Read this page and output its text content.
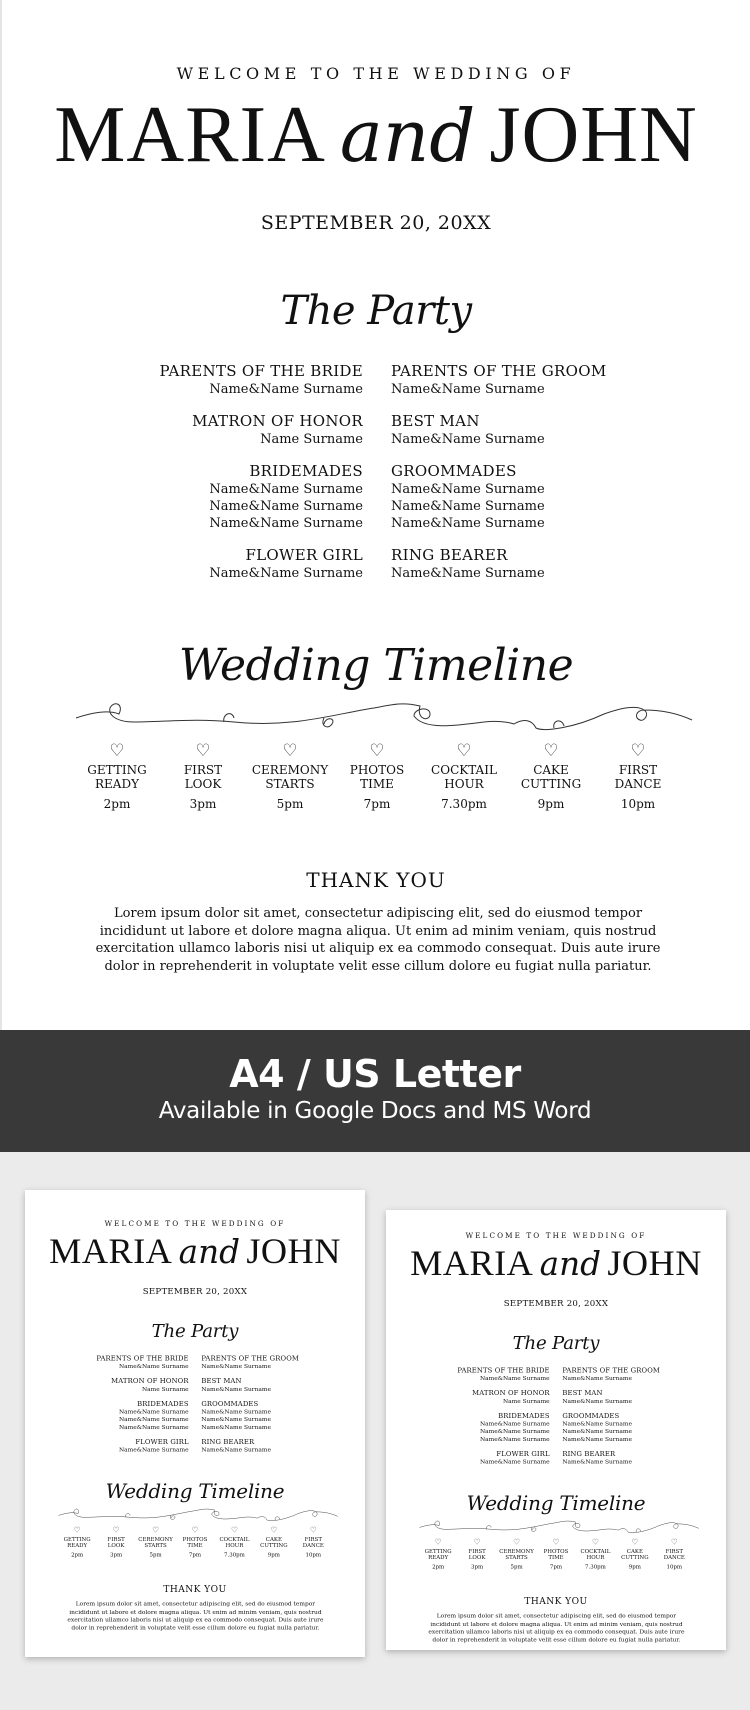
WELCOME TO THE WEDDING OF
MARIA and JOHN
SEPTEMBER 20, 20XX
The Party
PARENTS OF THE BRIDE
Name&Name Surname
PARENTS OF THE GROOM
Name&Name Surname
MATRON OF HONOR
Name Surname
BEST MAN
Name&Name Surname
BRIDEMADES
Name&Name Surname
Name&Name Surname
Name&Name Surname
GROOMMADES
Name&Name Surname
Name&Name Surname
Name&Name Surname
FLOWER GIRL
Name&Name Surname
RING BEARER
Name&Name Surname
Wedding Timeline
♡
GETTING
READY
2pm
♡
FIRST
LOOK
3pm
♡
CEREMONY
STARTS
5pm
♡
PHOTOS
TIME
7pm
♡
COCKTAIL
HOUR
7.30pm
♡
CAKE
CUTTING
9pm
♡
FIRST
DANCE
10pm
THANK YOU
Lorem ipsum dolor sit amet, consectetur adipiscing elit, sed do eiusmod tempor incididunt ut labore et dolore magna aliqua. Ut enim ad minim veniam, quis nostrud exercitation ullamco laboris nisi ut aliquip ex ea commodo consequat. Duis aute irure dolor in reprehenderit in voluptate velit esse cillum dolore eu fugiat nulla pariatur.
A4 / US Letter
Available in Google Docs and MS Word
WELCOME TO THE WEDDING OF
MARIAandJOHN
SEPTEMBER 20, 20XX
The Party
PARENTS OF THE BRIDE
Name&Name Surname
PARENTS OF THE GROOM
Name&Name Surname
MATRON OF HONOR
Name Surname
BEST MAN
Name&Name Surname
BRIDEMADES
Name&Name Surname
Name&Name Surname
Name&Name Surname
GROOMMADES
Name&Name Surname
Name&Name Surname
Name&Name Surname
FLOWER GIRL
Name&Name Surname
RING BEARER
Name&Name Surname
Wedding Timeline
♡
GETTING
READY
2pm
♡
FIRST
LOOK
3pm
♡
CEREMONY
STARTS
5pm
♡
PHOTOS
TIME
7pm
♡
COCKTAIL
HOUR
7.30pm
♡
CAKE
CUTTING
9pm
♡
FIRST
DANCE
10pm
THANK YOU
Lorem ipsum dolor sit amet, consectetur adipiscing elit, sed do eiusmod tempor incididunt ut labore et dolore magna aliqua. Ut enim ad minim veniam, quis nostrud exercitation ullamco laboris nisi ut aliquip ex ea commodo consequat. Duis aute irure dolor in reprehenderit in voluptate velit esse cillum dolore eu fugiat nulla pariatur.
WELCOME TO THE WEDDING OF
MARIAandJOHN
SEPTEMBER 20, 20XX
The Party
PARENTS OF THE BRIDE
Name&Name Surname
PARENTS OF THE GROOM
Name&Name Surname
MATRON OF HONOR
Name Surname
BEST MAN
Name&Name Surname
BRIDEMADES
Name&Name Surname
Name&Name Surname
Name&Name Surname
GROOMMADES
Name&Name Surname
Name&Name Surname
Name&Name Surname
FLOWER GIRL
Name&Name Surname
RING BEARER
Name&Name Surname
Wedding Timeline
♡
GETTING
READY
2pm
♡
FIRST
LOOK
3pm
♡
CEREMONY
STARTS
5pm
♡
PHOTOS
TIME
7pm
♡
COCKTAIL
HOUR
7.30pm
♡
CAKE
CUTTING
9pm
♡
FIRST
DANCE
10pm
THANK YOU
Lorem ipsum dolor sit amet, consectetur adipiscing elit, sed do eiusmod tempor incididunt ut labore et dolore magna aliqua. Ut enim ad minim veniam, quis nostrud exercitation ullamco laboris nisi ut aliquip ex ea commodo consequat. Duis aute irure dolor in reprehenderit in voluptate velit esse cillum dolore eu fugiat nulla pariatur.
